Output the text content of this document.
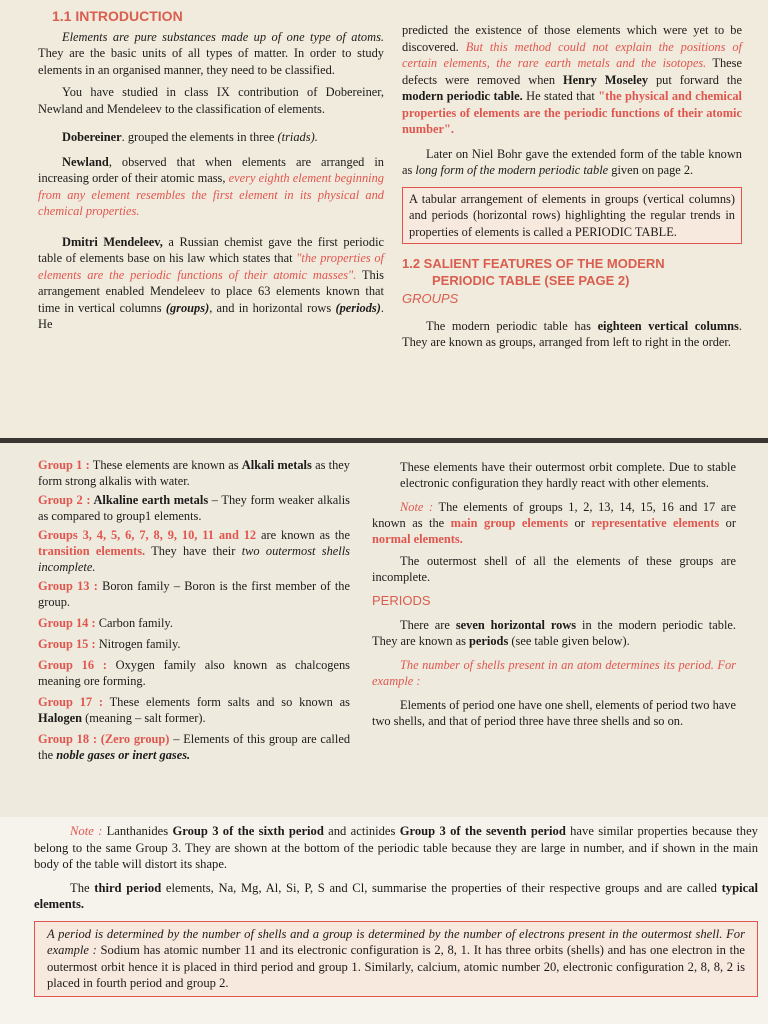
1.1 INTRODUCTION

Elements are pure substances made up of one type of atoms. They are the basic units of all types of matter. In order to study elements in an organised manner, they need to be classified.

You have studied in class IX contribution of Dobereiner, Newland and Mendeleev to the classification of elements.

Dobereiner. grouped the elements in three (triads).

Newland, observed that when elements are arranged in increasing order of their atomic mass, every eighth element beginning from any element resembles the first element in its physical and chemical properties.

Dmitri Mendeleev, a Russian chemist gave the first periodic table of elements base on his law which states that "the properties of elements are the periodic functions of their atomic masses". This arrangement enabled Mendeleev to place 63 elements known that time in vertical columns (groups), and in horizontal rows (periods). He

predicted the existence of those elements which were yet to be discovered. But this method could not explain the positions of certain elements, the rare earth metals and the isotopes. These defects were removed when Henry Moseley put forward the modern periodic table. He stated that "the physical and chemical properties of elements are the periodic functions of their atomic number".

Later on Niel Bohr gave the extended form of the table known as long form of the modern periodic table given on page 2.

A tabular arrangement of elements in groups (vertical columns) and periods (horizontal rows) highlighting the regular trends in properties of elements is called a PERIODIC TABLE.
1.2 SALIENT FEATURES OF THE MODERN
PERIODIC TABLE (SEE PAGE 2)
GROUPS

The modern periodic table has eighteen vertical columns. They are known as groups, arranged from left to right in the order.

Group 1 : These elements are known as Alkali metals as they form strong alkalis with water.

Group 2 : Alkaline earth metals – They form weaker alkalis as compared to group1 elements.

Groups 3, 4, 5, 6, 7, 8, 9, 10, 11 and 12 are known as the transition elements. They have their two outermost shells incomplete.

Group 13 : Boron family – Boron is the first member of the group.

Group 14 : Carbon family.

Group 15 : Nitrogen family.

Group 16 : Oxygen family also known as chalcogens meaning ore forming.

Group 17 : These elements form salts and so known as Halogen (meaning – salt former).

Group 18 : (Zero group) – Elements of this group are called the noble gases or inert gases.

These elements have their outermost orbit complete. Due to stable electronic configuration they hardly react with other elements.

Note : The elements of groups 1, 2, 13, 14, 15, 16 and 17 are known as the main group elements or representative elements or normal elements.

The outermost shell of all the elements of these groups are incomplete.

PERIODS

There are seven horizontal rows in the modern periodic table. They are known as periods (see table given below).

The number of shells present in an atom determines its period. For example :

Elements of period one have one shell, elements of period two have two shells, and that of period three have three shells and so on.

Note : Lanthanides Group 3 of the sixth period and actinides Group 3 of the seventh period have similar properties because they belong to the same Group 3. They are shown at the bottom of the periodic table because they are large in number, and if shown in the main body of the table will distort its shape.

The third period elements, Na, Mg, Al, Si, P, S and Cl, summarise the properties of their respective groups and are called typical elements.

A period is determined by the number of shells and a group is determined by the number of electrons present in the outermost shell. For example : Sodium has atomic number 11 and its electronic configuration is 2, 8, 1. It has three orbits (shells) and has one electron in the outermost orbit hence it is placed in third period and group 1. Similarly, calcium, atomic number 20, electronic configuration 2, 8, 8, 2 is placed in fourth period and group 2.
